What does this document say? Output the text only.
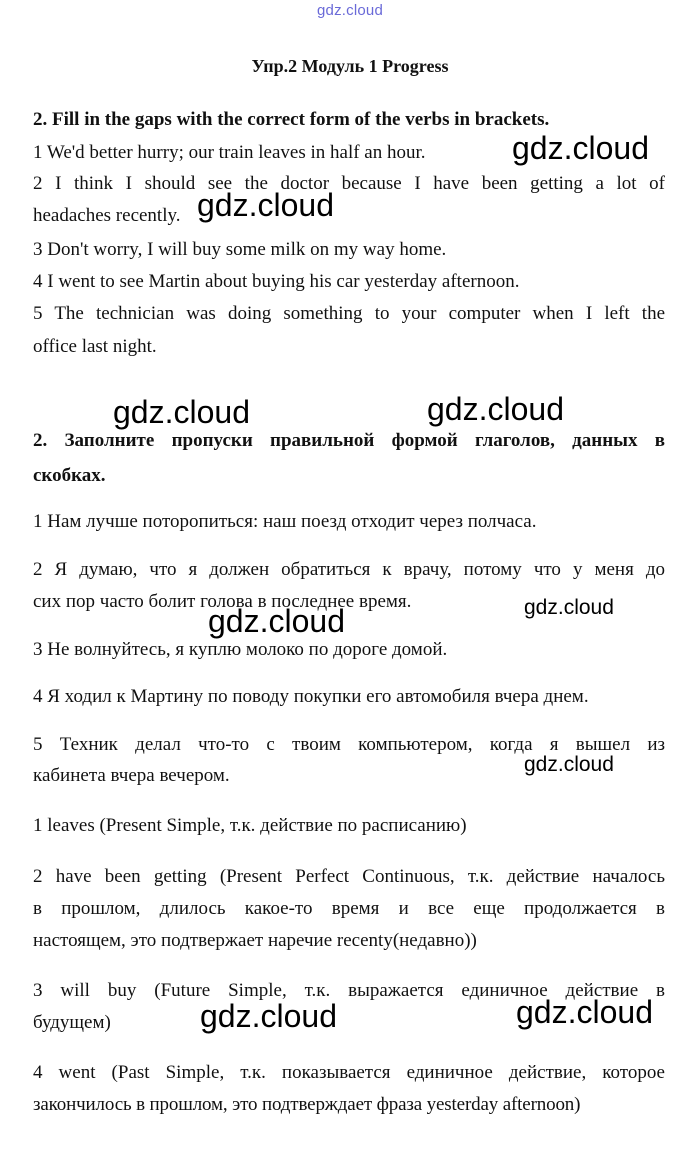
gdz.cloud
Упр.2 Модуль 1 Progress
2. Fill in the gaps with the correct form of the verbs in brackets.
1 We'd better hurry; our train leaves in half an hour.
2 I think I should see the doctor because I have been getting a lot of
headaches recently.
3 Don't worry, I will buy some milk on my way home.
4 I went to see Martin about buying his car yesterday afternoon.
5 The technician was doing something to your computer when I left the
office last night.
2. Заполните пропуски правильной формой глаголов, данных в
скобках.
1 Нам лучше поторопиться: наш поезд отходит через полчаса.
2 Я думаю, что я должен обратиться к врачу, потому что у меня до
сих пор часто болит голова в последнее время.
3 Не волнуйтесь, я куплю молоко по дороге домой.
4 Я ходил к Мартину по поводу покупки его автомобиля вчера днем.
5 Техник делал что-то с твоим компьютером, когда я вышел из
кабинета вчера вечером.
1 leaves (Present Simple, т.к. действие по расписанию)
2 have been getting (Present Perfect Continuous, т.к. действие началось
в прошлом, длилось какое-то время и все еще продолжается в
настоящем, это подтвержает наречие recenty(недавно))
3 will buy (Future Simple, т.к. выражается единичное действие в
будущем)
4 went (Past Simple, т.к. показывается единичное действие, которое
закончилось в прошлом, это подтверждает фраза yesterday afternoon)
gdz.cloud
gdz.cloud
gdz.cloud	gdz.cloud
gdz.cloud
gdz.cloud
gdz.cloud
gdz.cloud	gdz.cloud
